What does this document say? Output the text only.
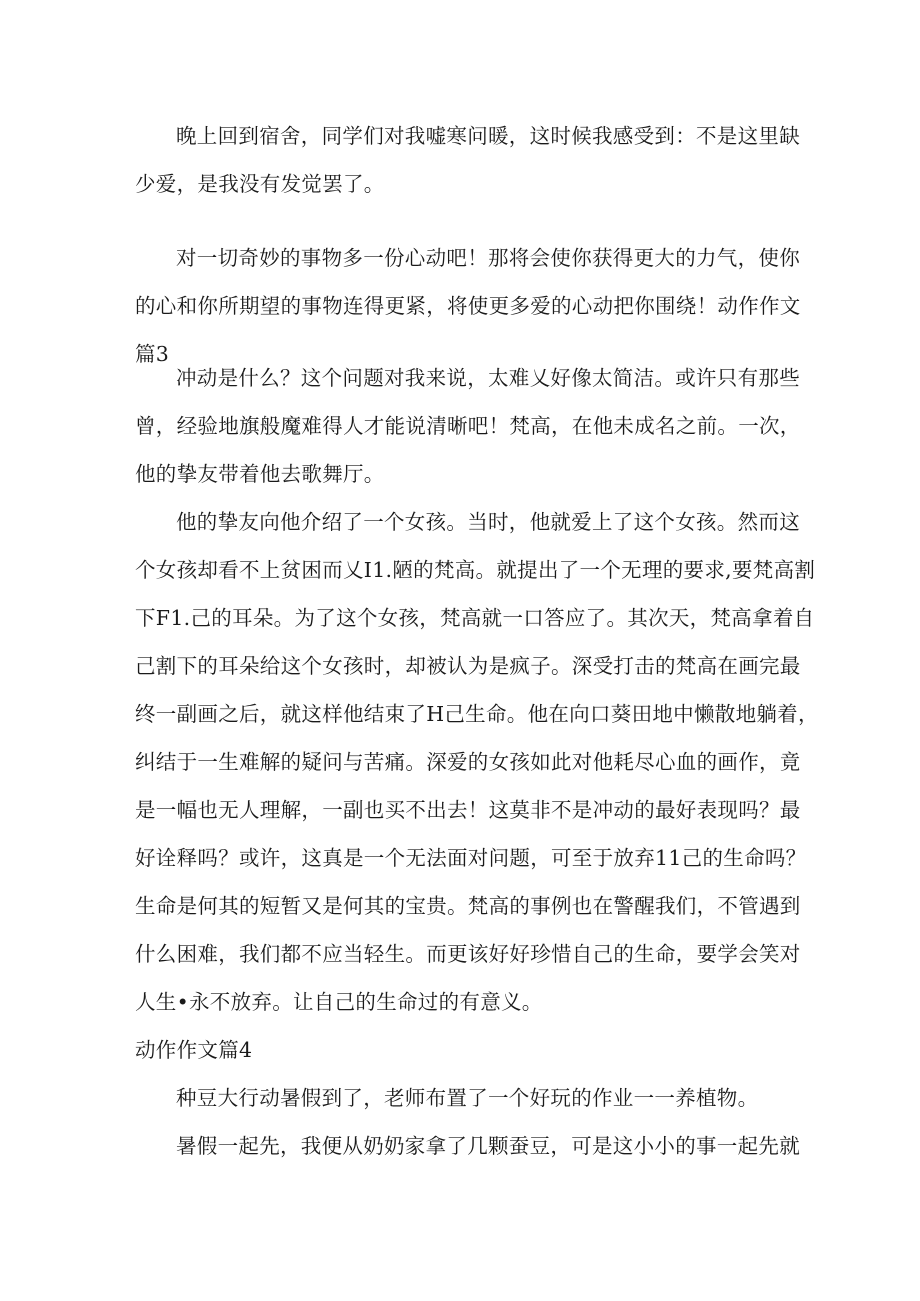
晚上回到宿舍，同学们对我嘘寒问暖，这时候我感受到：不是这里缺
少爱，是我没有发觉罢了。
对一切奇妙的事物多一份心动吧！那将会使你获得更大的力气，使你
的心和你所期望的事物连得更紧，将使更多爱的心动把你围绕！动作作文
篇3
冲动是什么？这个问题对我来说，太难乂好像太简洁。或许只有那些
曾，经验地旗般魔难得人才能说清晰吧！梵高，在他未成名之前。一次，
他的挚友带着他去歌舞厅。
他的挚友向他介绍了一个女孩。当时，他就爱上了这个女孩。然而这
个女孩却看不上贫困而乂I1.陋的梵高。就提出了一个无理的要求,要梵高割
下F1.己的耳朵。为了这个女孩，梵高就一口答应了。其次天，梵高拿着自
己割下的耳朵给这个女孩时，却被认为是疯子。深受打击的梵高在画完最
终一副画之后，就这样他结束了H己生命。他在向口葵田地中懒散地躺着，
纠结于一生难解的疑问与苦痛。深爱的女孩如此对他耗尽心血的画作，竟
是一幅也无人理解，一副也买不出去！这莫非不是冲动的最好表现吗？最
好诠释吗？或许，这真是一个无法面对问题，可至于放弃11己的生命吗？
生命是何其的短暂又是何其的宝贵。梵高的事例也在警醒我们，不管遇到
什么困难，我们都不应当轻生。而更该好好珍惜自己的生命，要学会笑对
人生•永不放弃。让自己的生命过的有意义。
动作作文篇4
种豆大行动暑假到了，老师布置了一个好玩的作业一一养植物。
暑假一起先，我便从奶奶家拿了几颗蚕豆，可是这小小的事一起先就
